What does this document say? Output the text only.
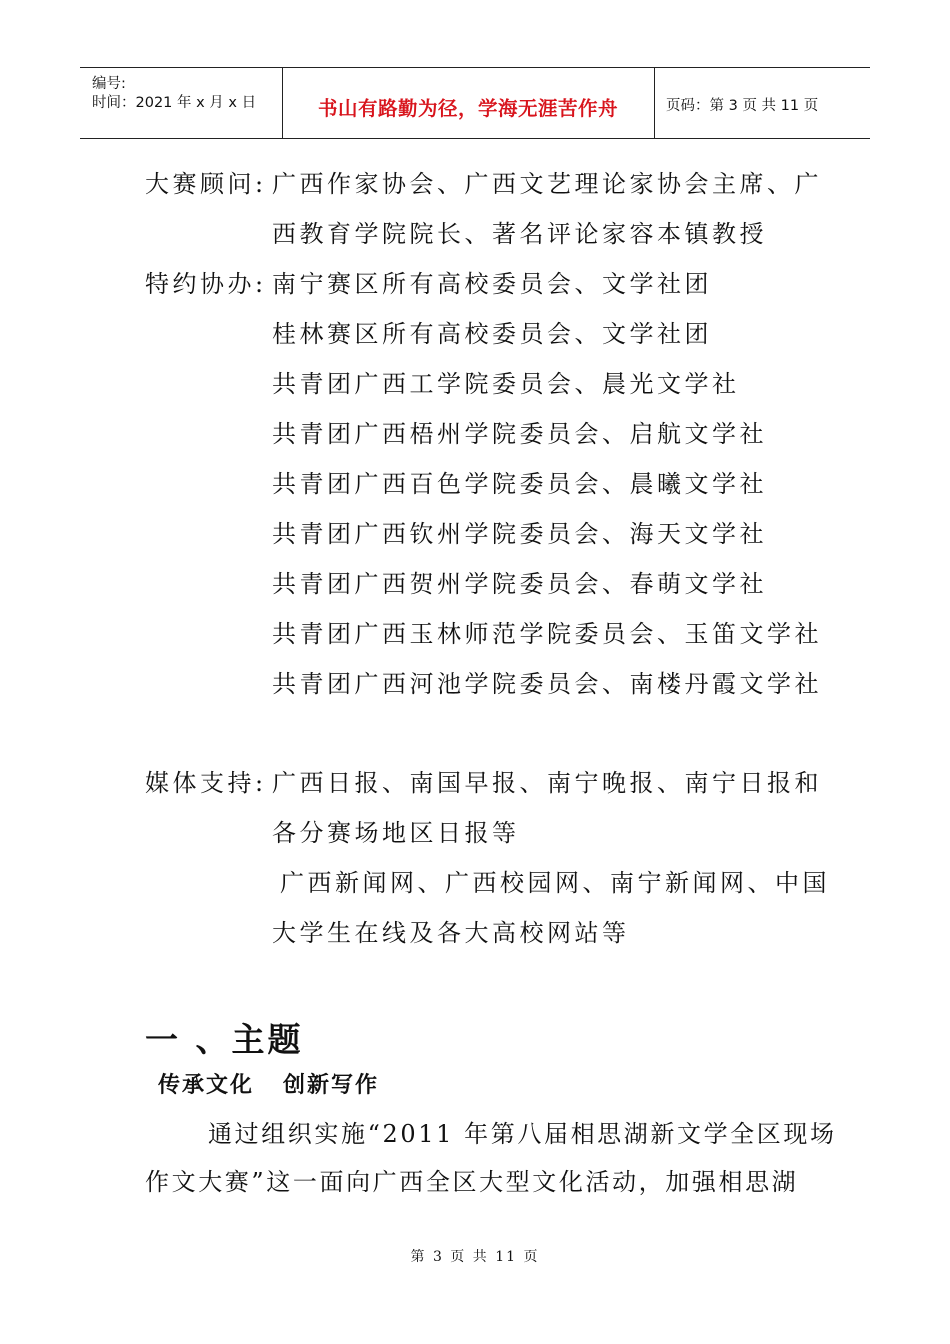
编号:
时间：2021 年 x 月 x 日	书山有路勤为径，学海无涯苦作舟	页码：第 3 页 共 11 页
大赛顾问: 广西作家协会、广西文艺理论家协会主席、广
西教育学院院长、著名评论家容本镇教授
特约协办: 南宁赛区所有高校委员会、文学社团
桂林赛区所有高校委员会、文学社团
共青团广西工学院委员会、晨光文学社
共青团广西梧州学院委员会、启航文学社
共青团广西百色学院委员会、晨曦文学社
共青团广西钦州学院委员会、海天文学社
共青团广西贺州学院委员会、春萌文学社
共青团广西玉林师范学院委员会、玉笛文学社
共青团广西河池学院委员会、南楼丹霞文学社
媒体支持: 广西日报、南国早报、南宁晚报、南宁日报和
各分赛场地区日报等
广西新闻网、广西校园网、南宁新闻网、中国
大学生在线及各大高校网站等
一 、主题
传承文化   创新写作
通过组织实施“2011 年第八届相思湖新文学全区现场
作文大赛”这一面向广西全区大型文化活动，加强相思湖
第 3 页 共 11 页
